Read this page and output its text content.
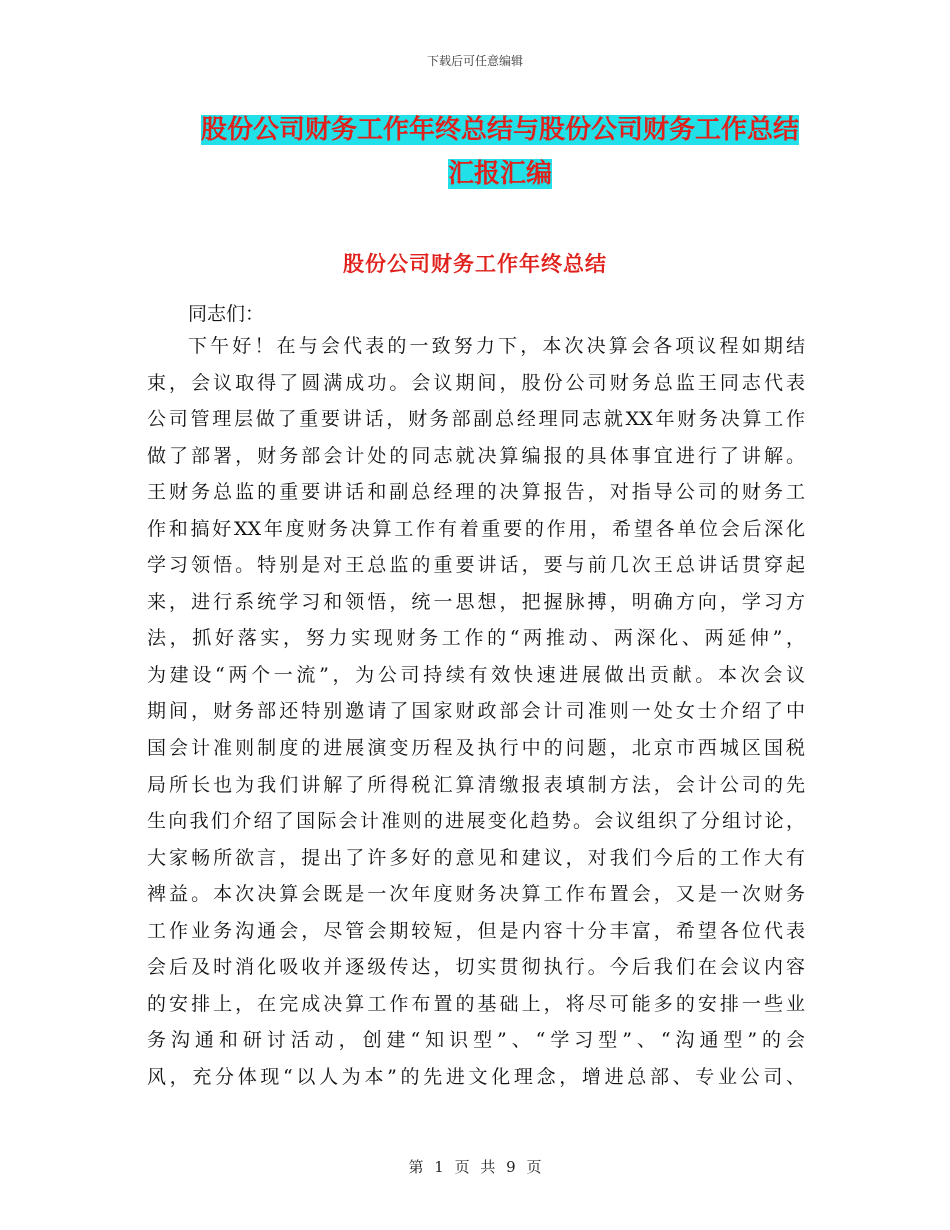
下载后可任意编辑
股份公司财务工作年终总结与股份公司财务工作总结
汇报汇编
股份公司财务工作年终总结
同志们：
下午好！在与会代表的一致努力下，本次决算会各项议程如期结
束，会议取得了圆满成功。会议期间，股份公司财务总监王同志代表
公司管理层做了重要讲话，财务部副总经理同志就XX年财务决算工作
做了部署，财务部会计处的同志就决算编报的具体事宜进行了讲解。
王财务总监的重要讲话和副总经理的决算报告，对指导公司的财务工
作和搞好XX年度财务决算工作有着重要的作用，希望各单位会后深化
学习领悟。特别是对王总监的重要讲话，要与前几次王总讲话贯穿起
来，进行系统学习和领悟，统一思想，把握脉搏，明确方向，学习方
法，抓好落实，努力实现财务工作的“两推动、两深化、两延伸”，
为建设“两个一流”，为公司持续有效快速进展做出贡献。本次会议
期间，财务部还特别邀请了国家财政部会计司准则一处女士介绍了中
国会计准则制度的进展演变历程及执行中的问题，北京市西城区国税
局所长也为我们讲解了所得税汇算清缴报表填制方法，会计公司的先
生向我们介绍了国际会计准则的进展变化趋势。会议组织了分组讨论，
大家畅所欲言，提出了许多好的意见和建议，对我们今后的工作大有
裨益。本次决算会既是一次年度财务决算工作布置会，又是一次财务
工作业务沟通会，尽管会期较短，但是内容十分丰富，希望各位代表
会后及时消化吸收并逐级传达，切实贯彻执行。今后我们在会议内容
的安排上，在完成决算工作布置的基础上，将尽可能多的安排一些业
务沟通和研讨活动，创建“知识型”、“学习型”、“沟通型”的会
风，充分体现“以人为本”的先进文化理念，增进总部、专业公司、
第 1 页 共 9 页
